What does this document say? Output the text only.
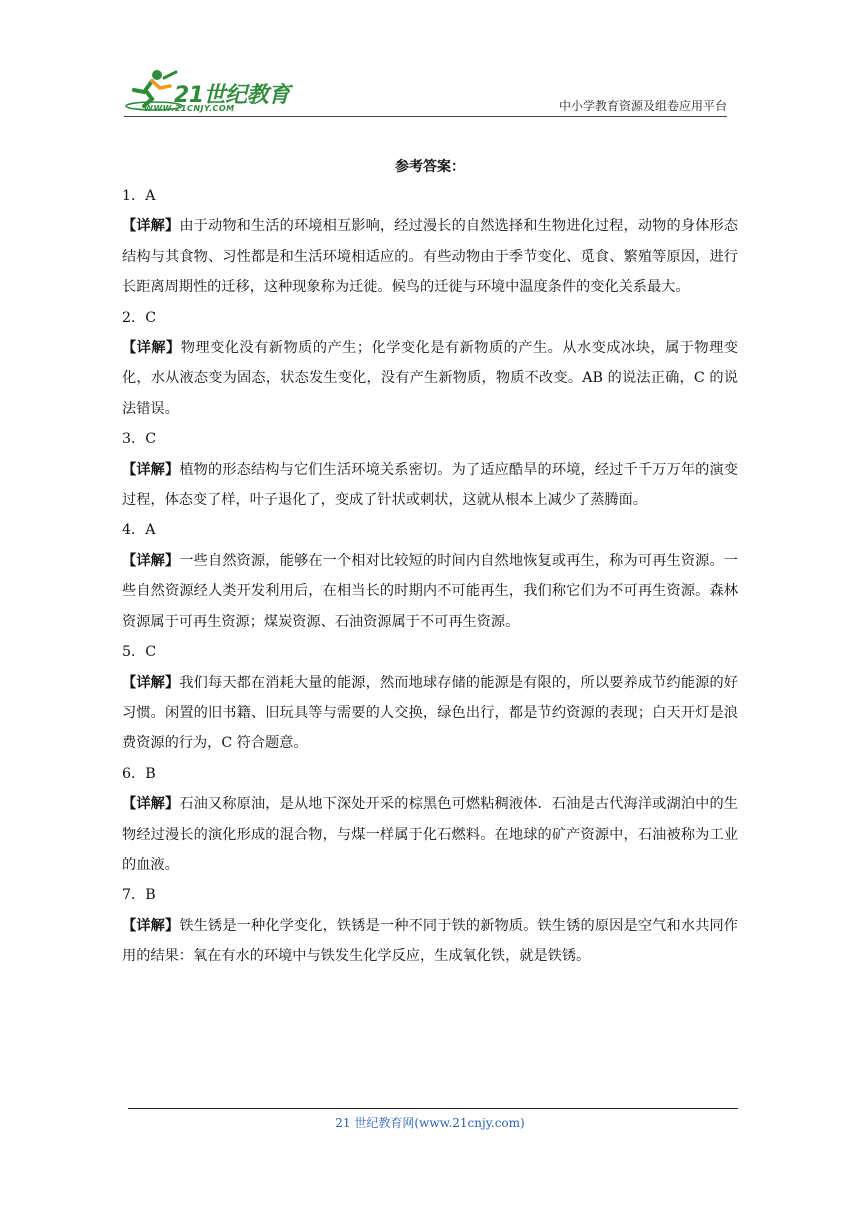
21世纪教育
WWW.21CNJY.COM	中小学教育资源及组卷应用平台
参考答案：

1．A

【详解】由于动物和生活的环境相互影响，经过漫长的自然选择和生物进化过程，动物的身体形态结构与其食物、习性都是和生活环境相适应的。有些动物由于季节变化、觅食、繁殖等原因，进行长距离周期性的迁移，这种现象称为迁徙。候鸟的迁徙与环境中温度条件的变化关系最大。

2．C

【详解】物理变化没有新物质的产生；化学变化是有新物质的产生。从水变成冰块，属于物理变化，水从液态变为固态，状态发生变化，没有产生新物质，物质不改变。AB 的说法正确，C 的说法错误。

3．C

【详解】植物的形态结构与它们生活环境关系密切。为了适应酷旱的环境，经过千千万万年的演变过程，体态变了样，叶子退化了，变成了针状或刺状，这就从根本上减少了蒸腾面。

4．A

【详解】一些自然资源，能够在一个相对比较短的时间内自然地恢复或再生，称为可再生资源。一些自然资源经人类开发利用后，在相当长的时期内不可能再生，我们称它们为不可再生资源。森林资源属于可再生资源；煤炭资源、石油资源属于不可再生资源。

5．C

【详解】我们每天都在消耗大量的能源，然而地球存储的能源是有限的，所以要养成节约能源的好习惯。闲置的旧书籍、旧玩具等与需要的人交换，绿色出行，都是节约资源的表现；白天开灯是浪费资源的行为，C 符合题意。

6．B

【详解】石油又称原油，是从地下深处开采的棕黑色可燃粘稠液体．石油是古代海洋或湖泊中的生物经过漫长的演化形成的混合物，与煤一样属于化石燃料。在地球的矿产资源中，石油被称为工业的血液。

7．B

【详解】铁生锈是一种化学变化，铁锈是一种不同于铁的新物质。铁生锈的原因是空气和水共同作用的结果：氧在有水的环境中与铁发生化学反应，生成氧化铁，就是铁锈。

21 世纪教育网(www.21cnjy.com)
